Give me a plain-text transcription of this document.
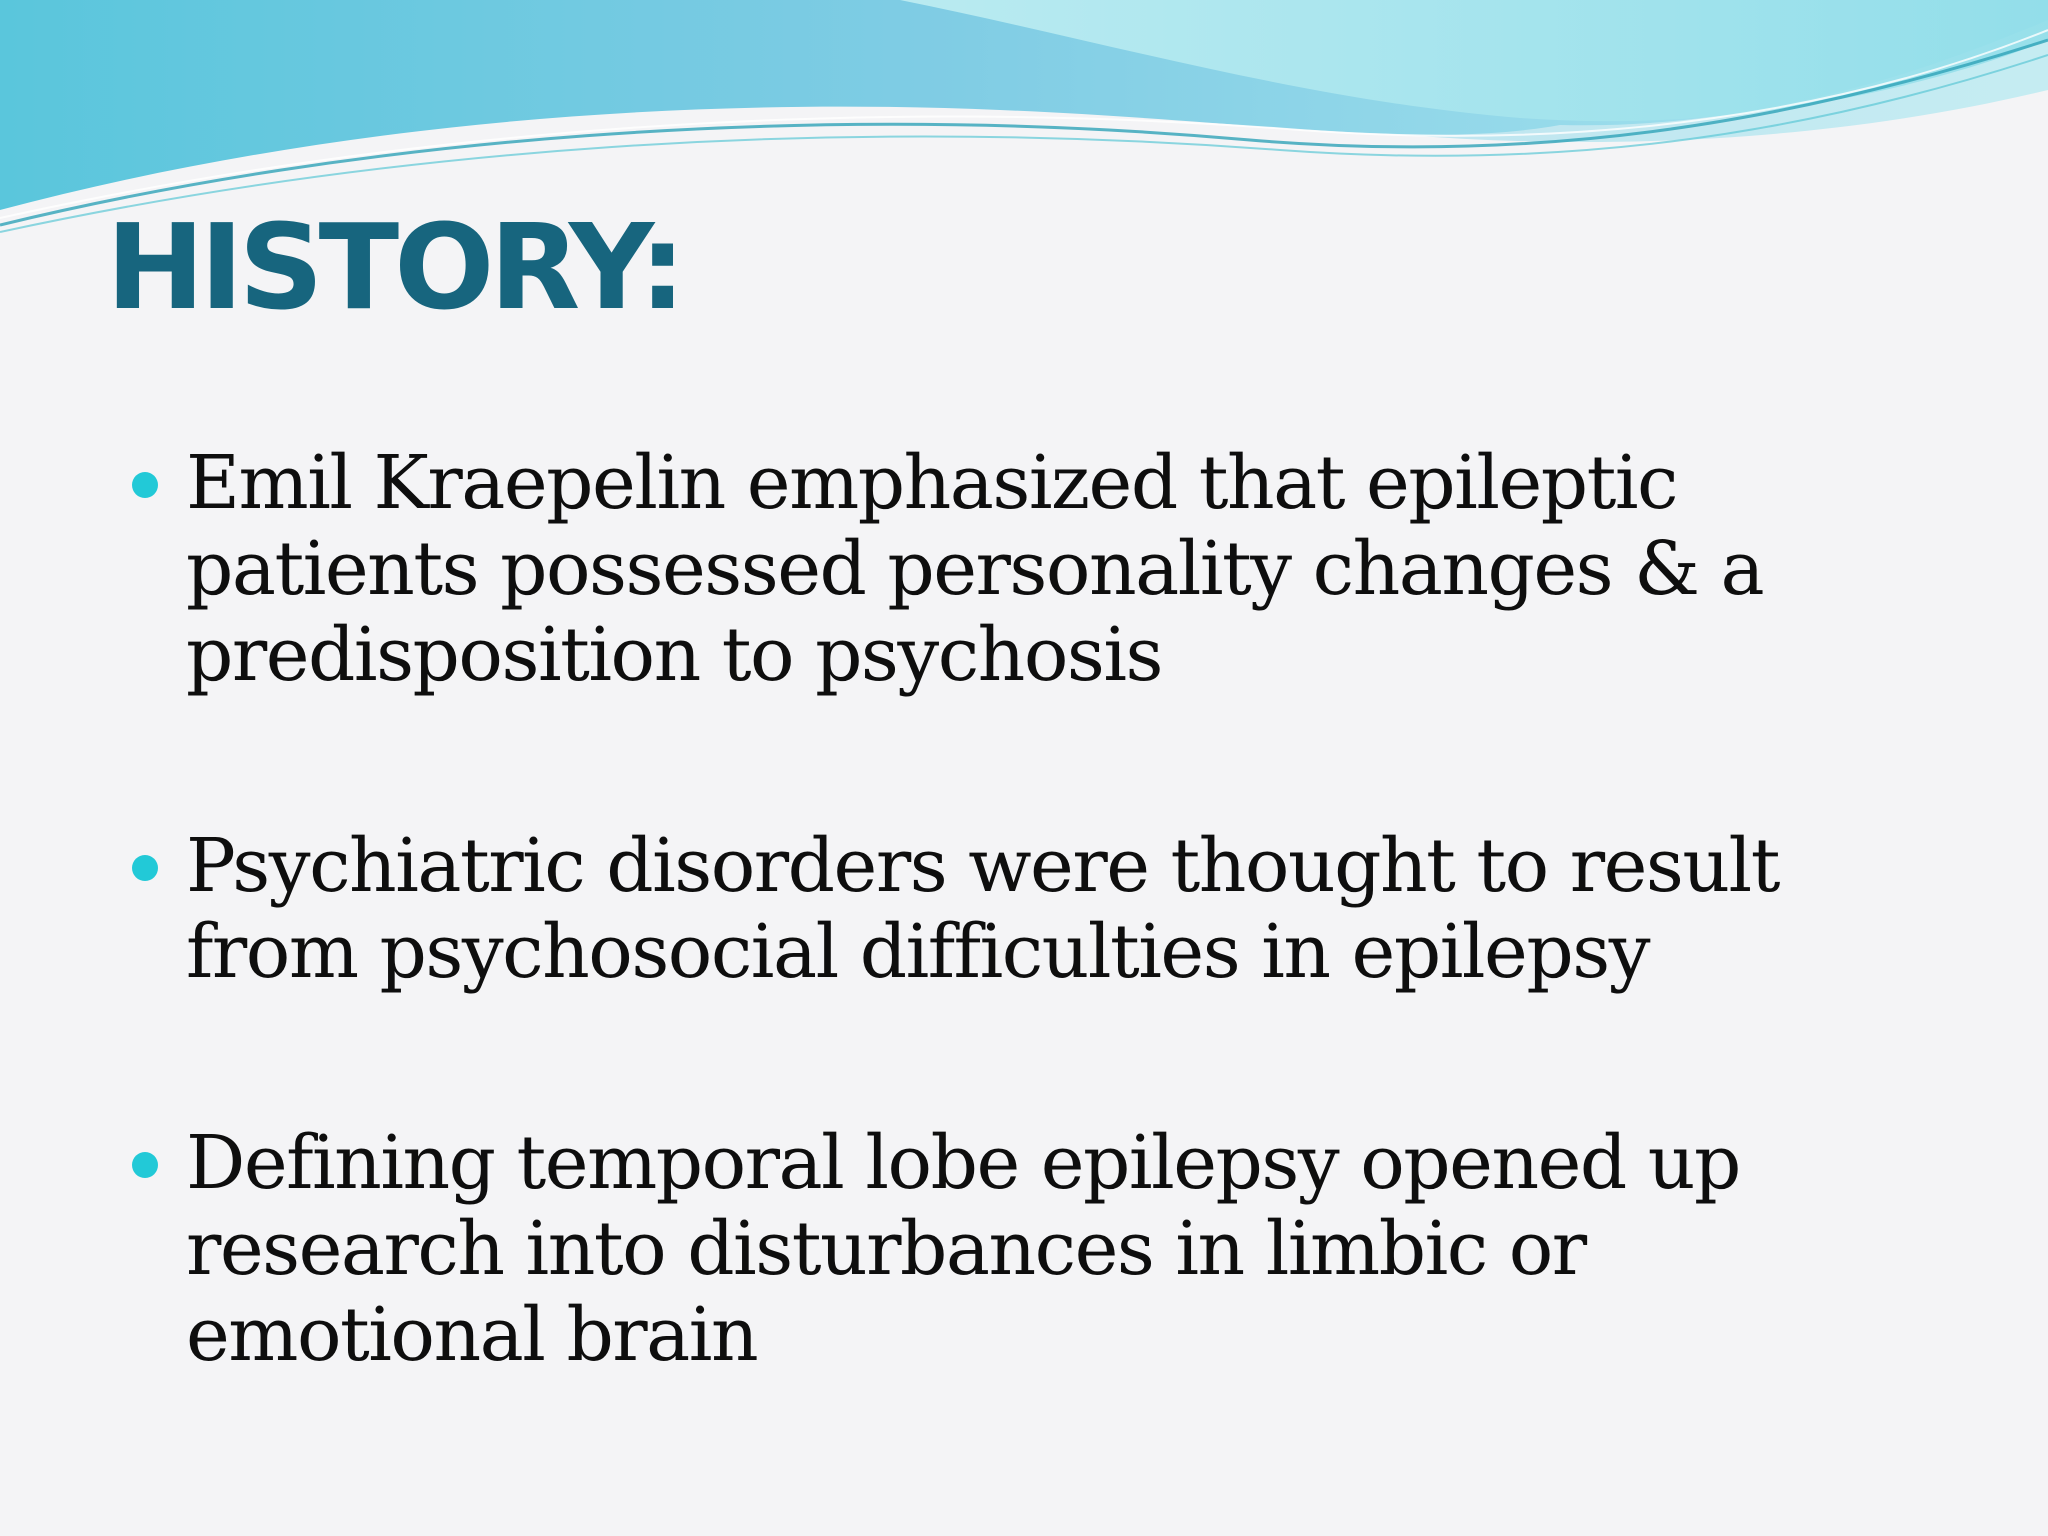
HISTORY:
Emil Kraepelin emphasized that epileptic patients possessed personality changes & a predisposition to psychosis
Psychiatric disorders were thought to result from psychosocial difficulties in epilepsy
Defining temporal lobe epilepsy opened up research into disturbances in limbic or emotional brain
